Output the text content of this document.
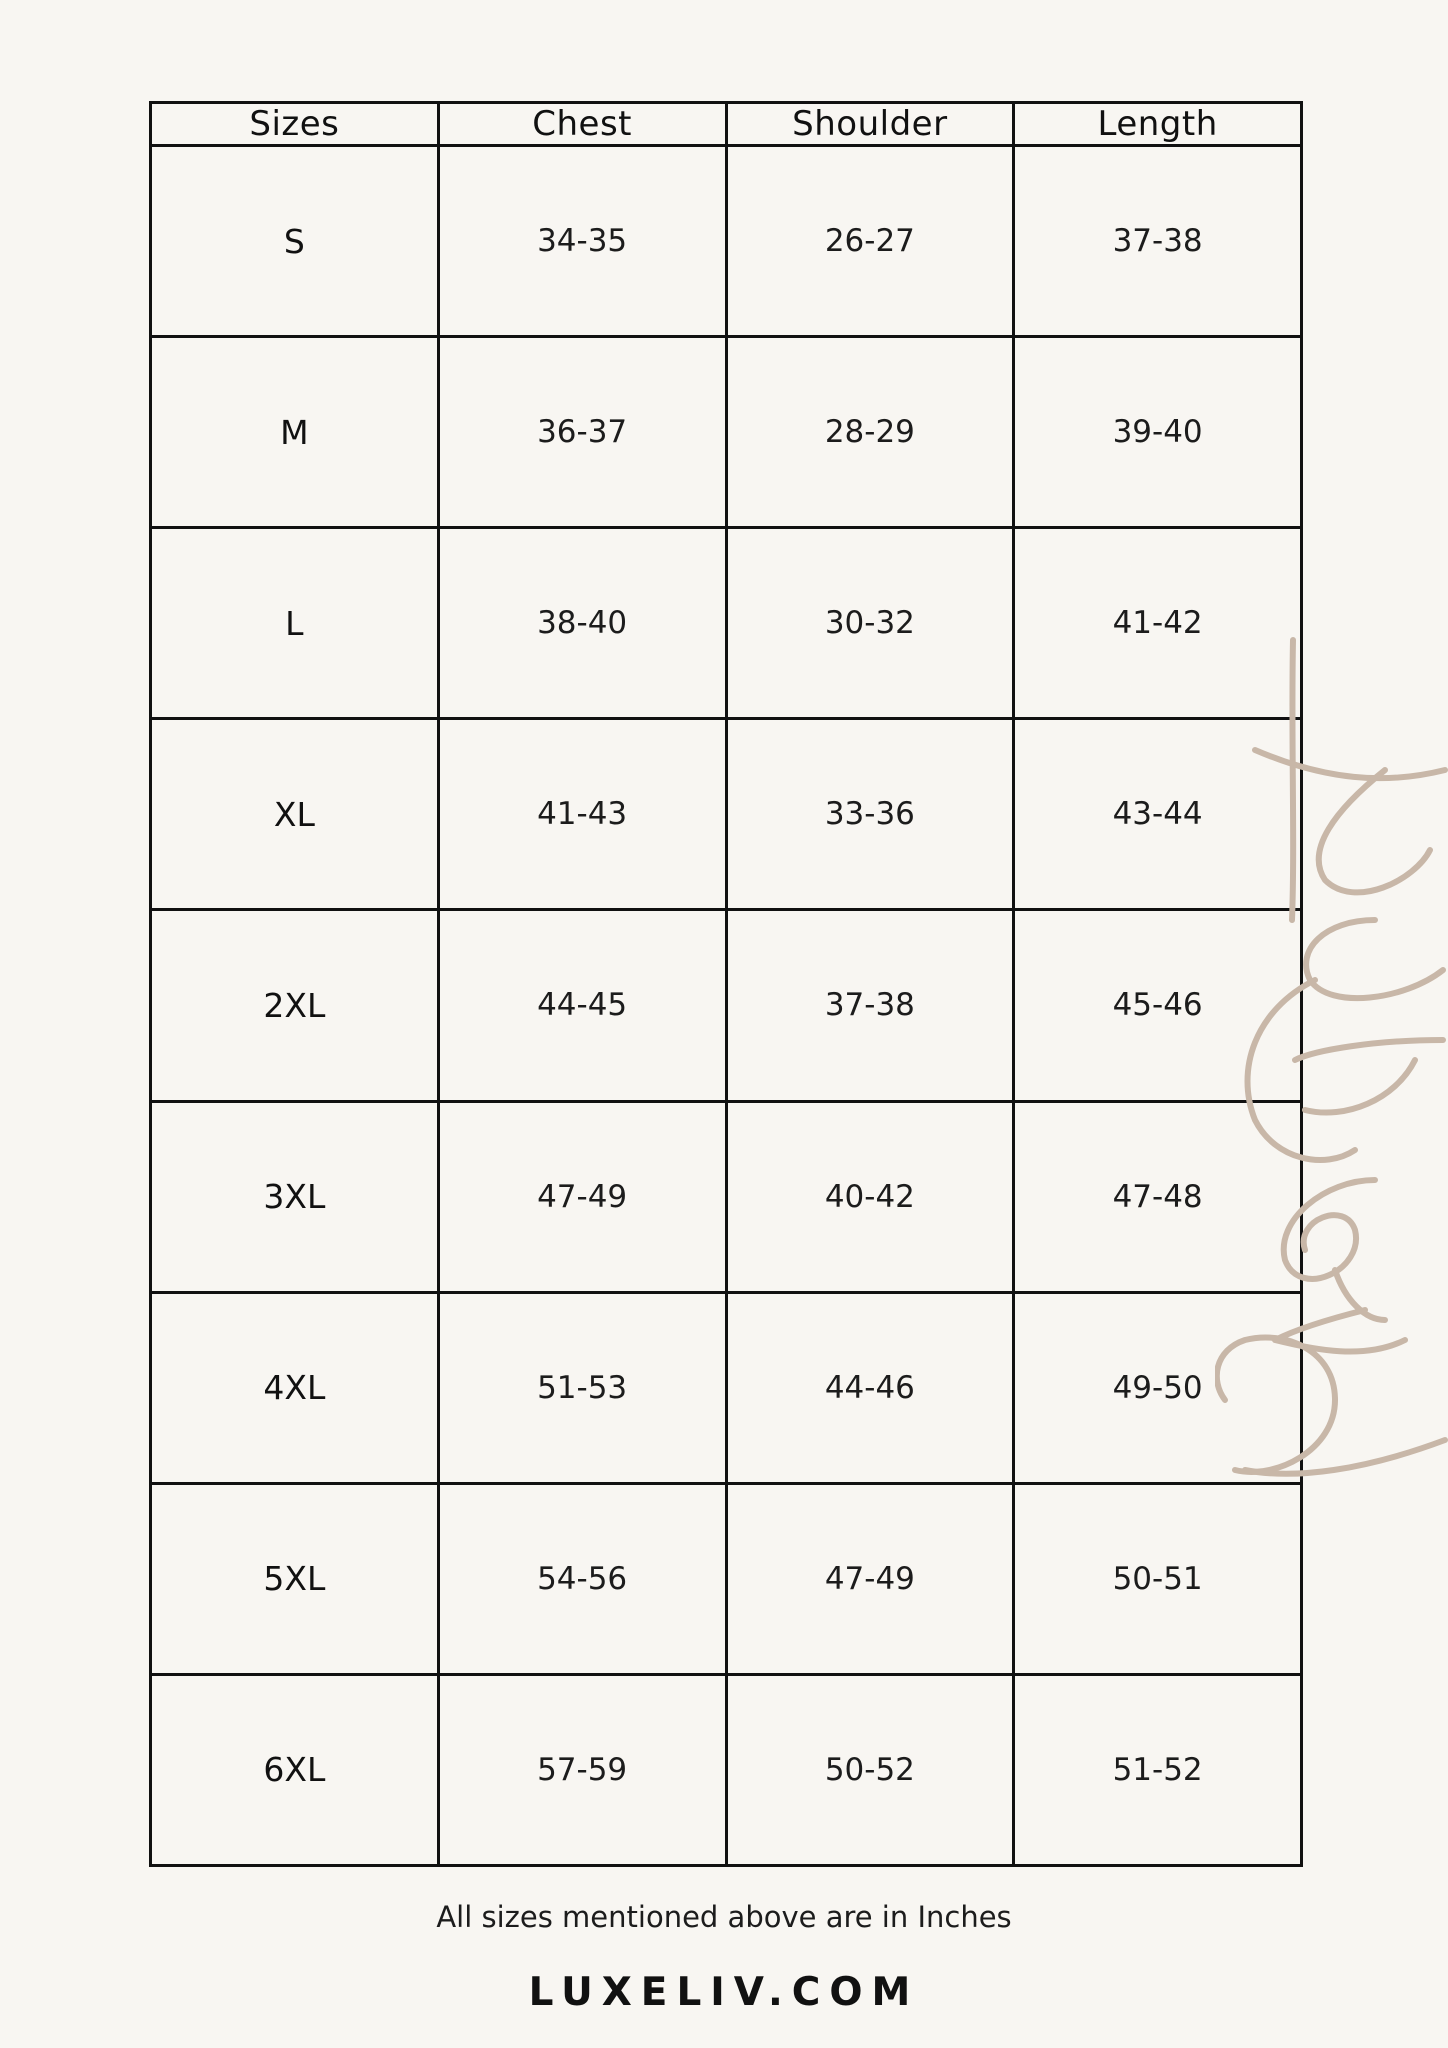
Sizes	Chest	Shoulder	Length
S	34-35	26-27	37-38
M	36-37	28-29	39-40
L	38-40	30-32	41-42
XL	41-43	33-36	43-44
2XL	44-45	37-38	45-46
3XL	47-49	40-42	47-48
4XL	51-53	44-46	49-50
5XL	54-56	47-49	50-51
6XL	57-59	50-52	51-52
All sizes mentioned above are in Inches
LUXELIV.COM
